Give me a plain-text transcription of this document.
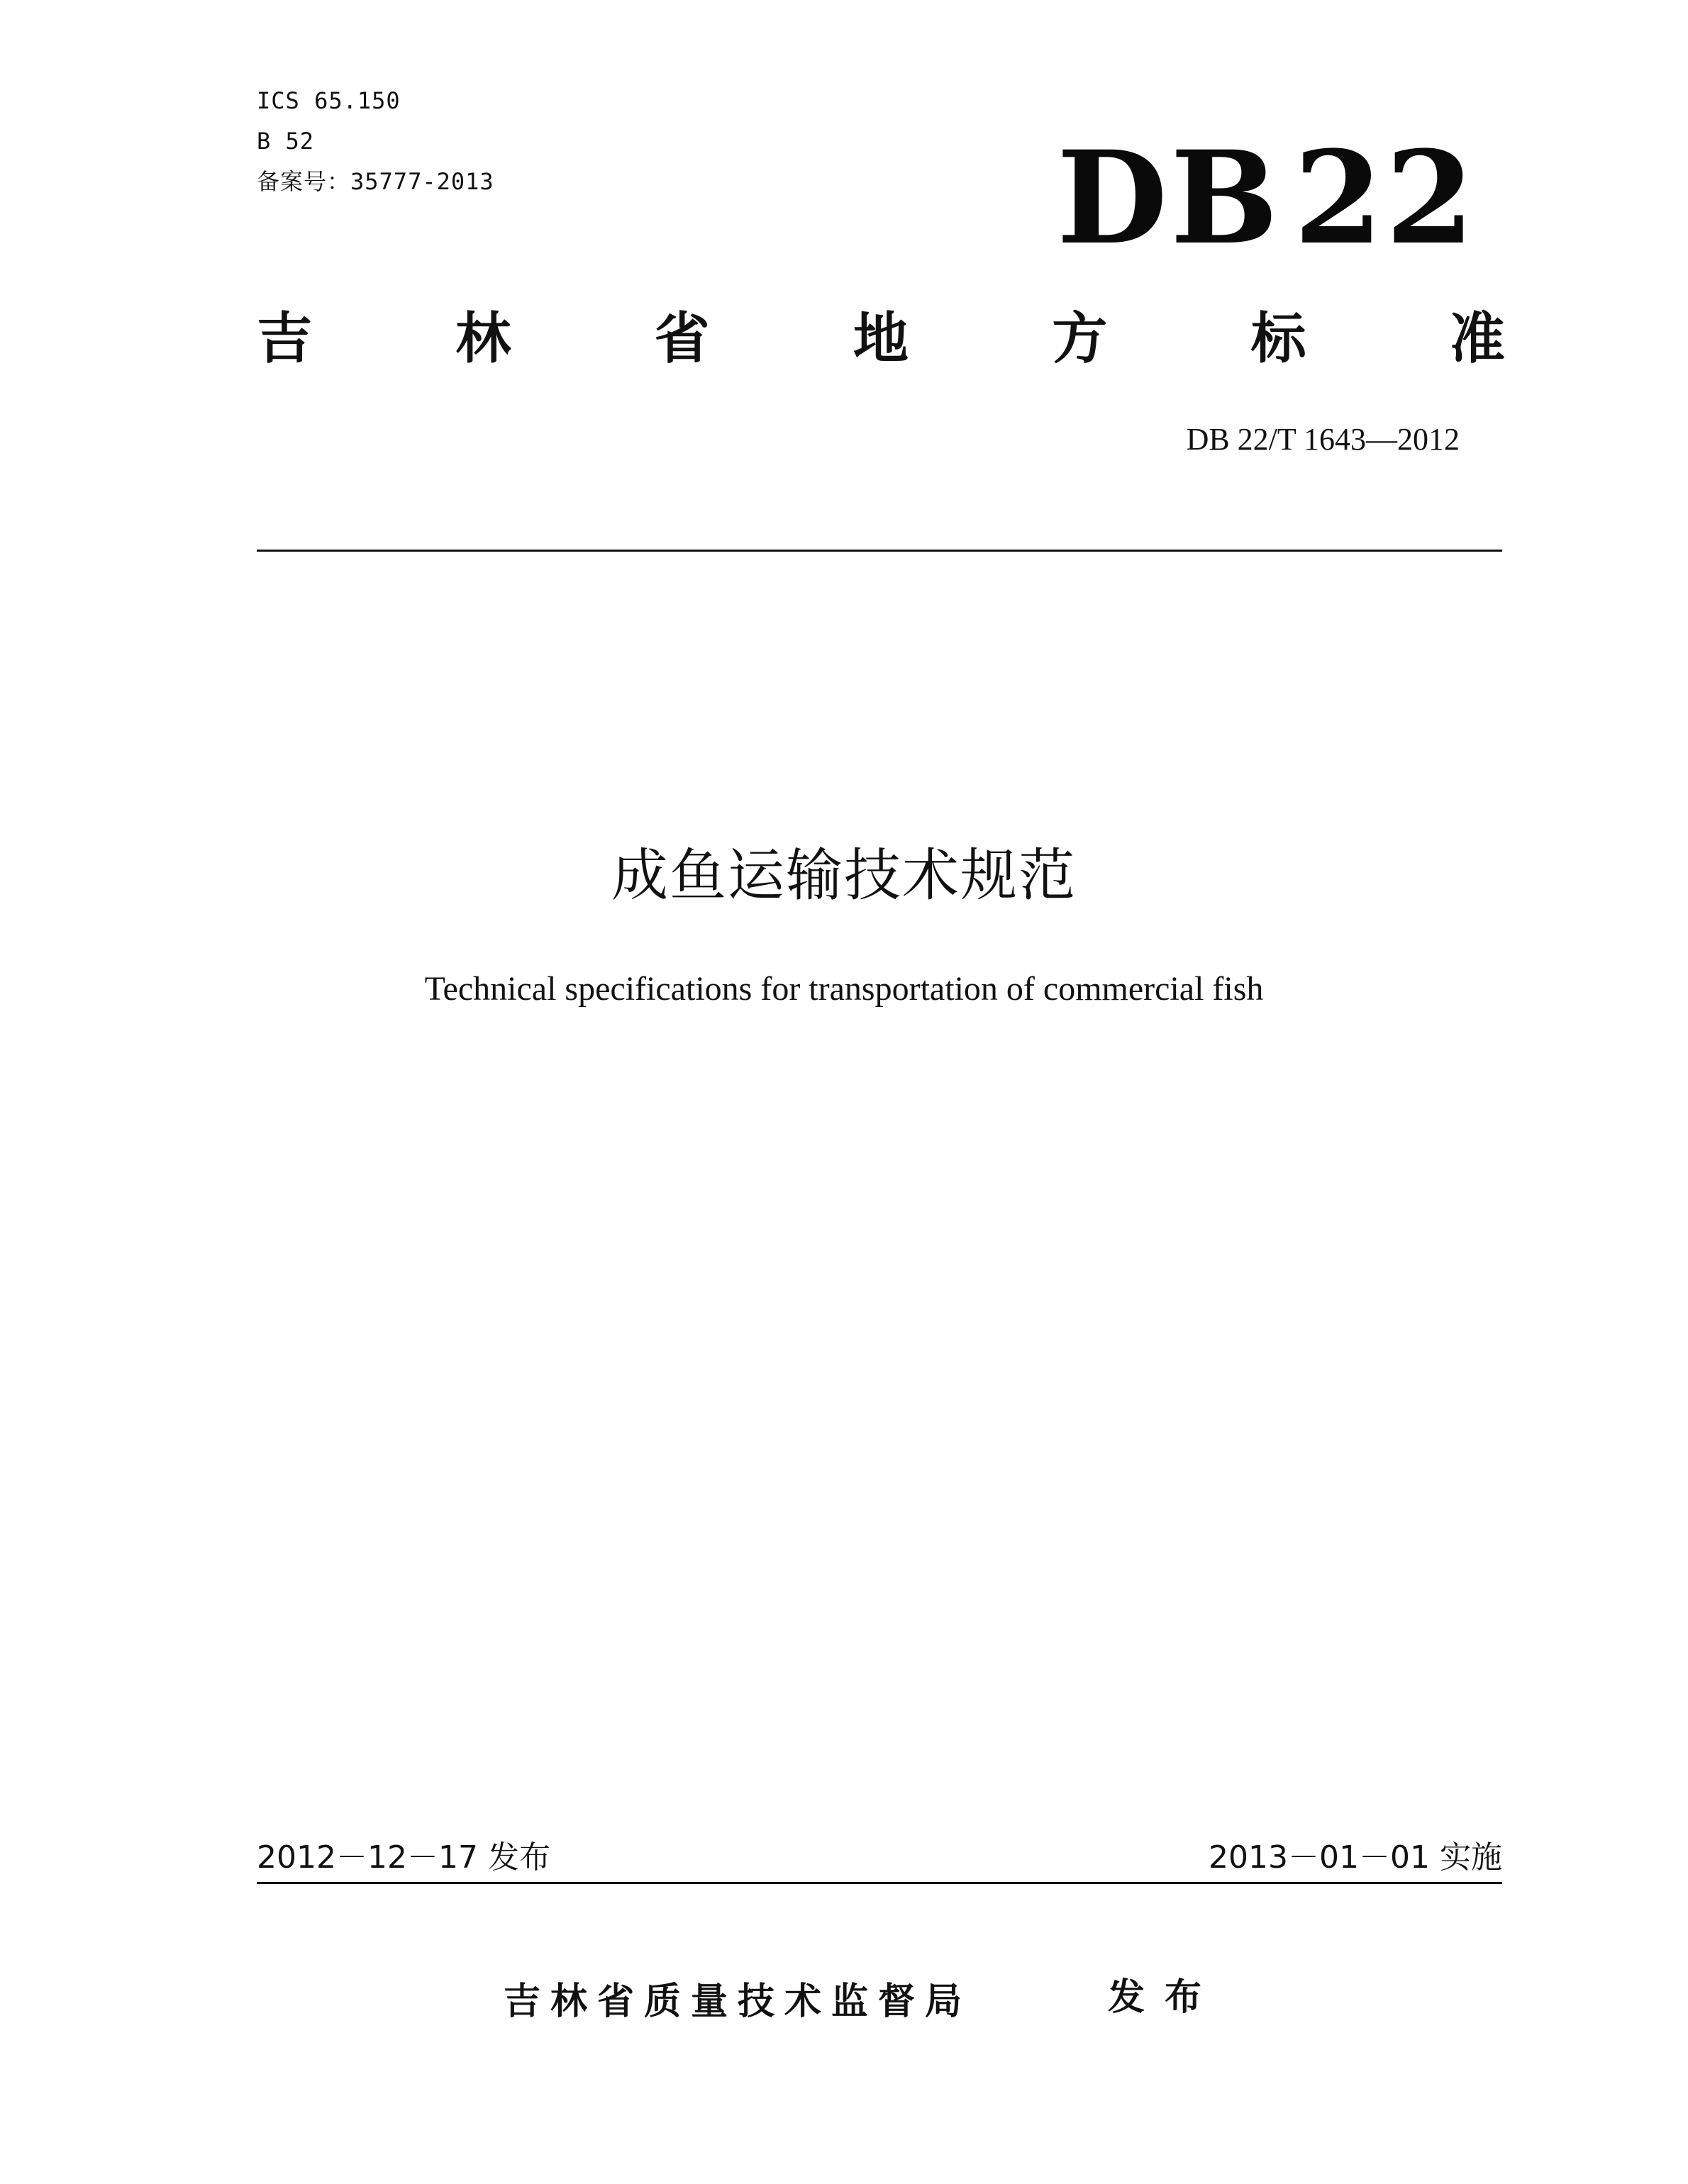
ICS 65.150
B 52
备案号：35777-2013	DB 22
吉	林	省	地	方	标	准
DB 22/T 1643—2012
成鱼运输技术规范
Technical specifications for transportation of commercial fish
2012－12－17 发布	2013－01－01 实施
吉林省质量技术监督局	发布
